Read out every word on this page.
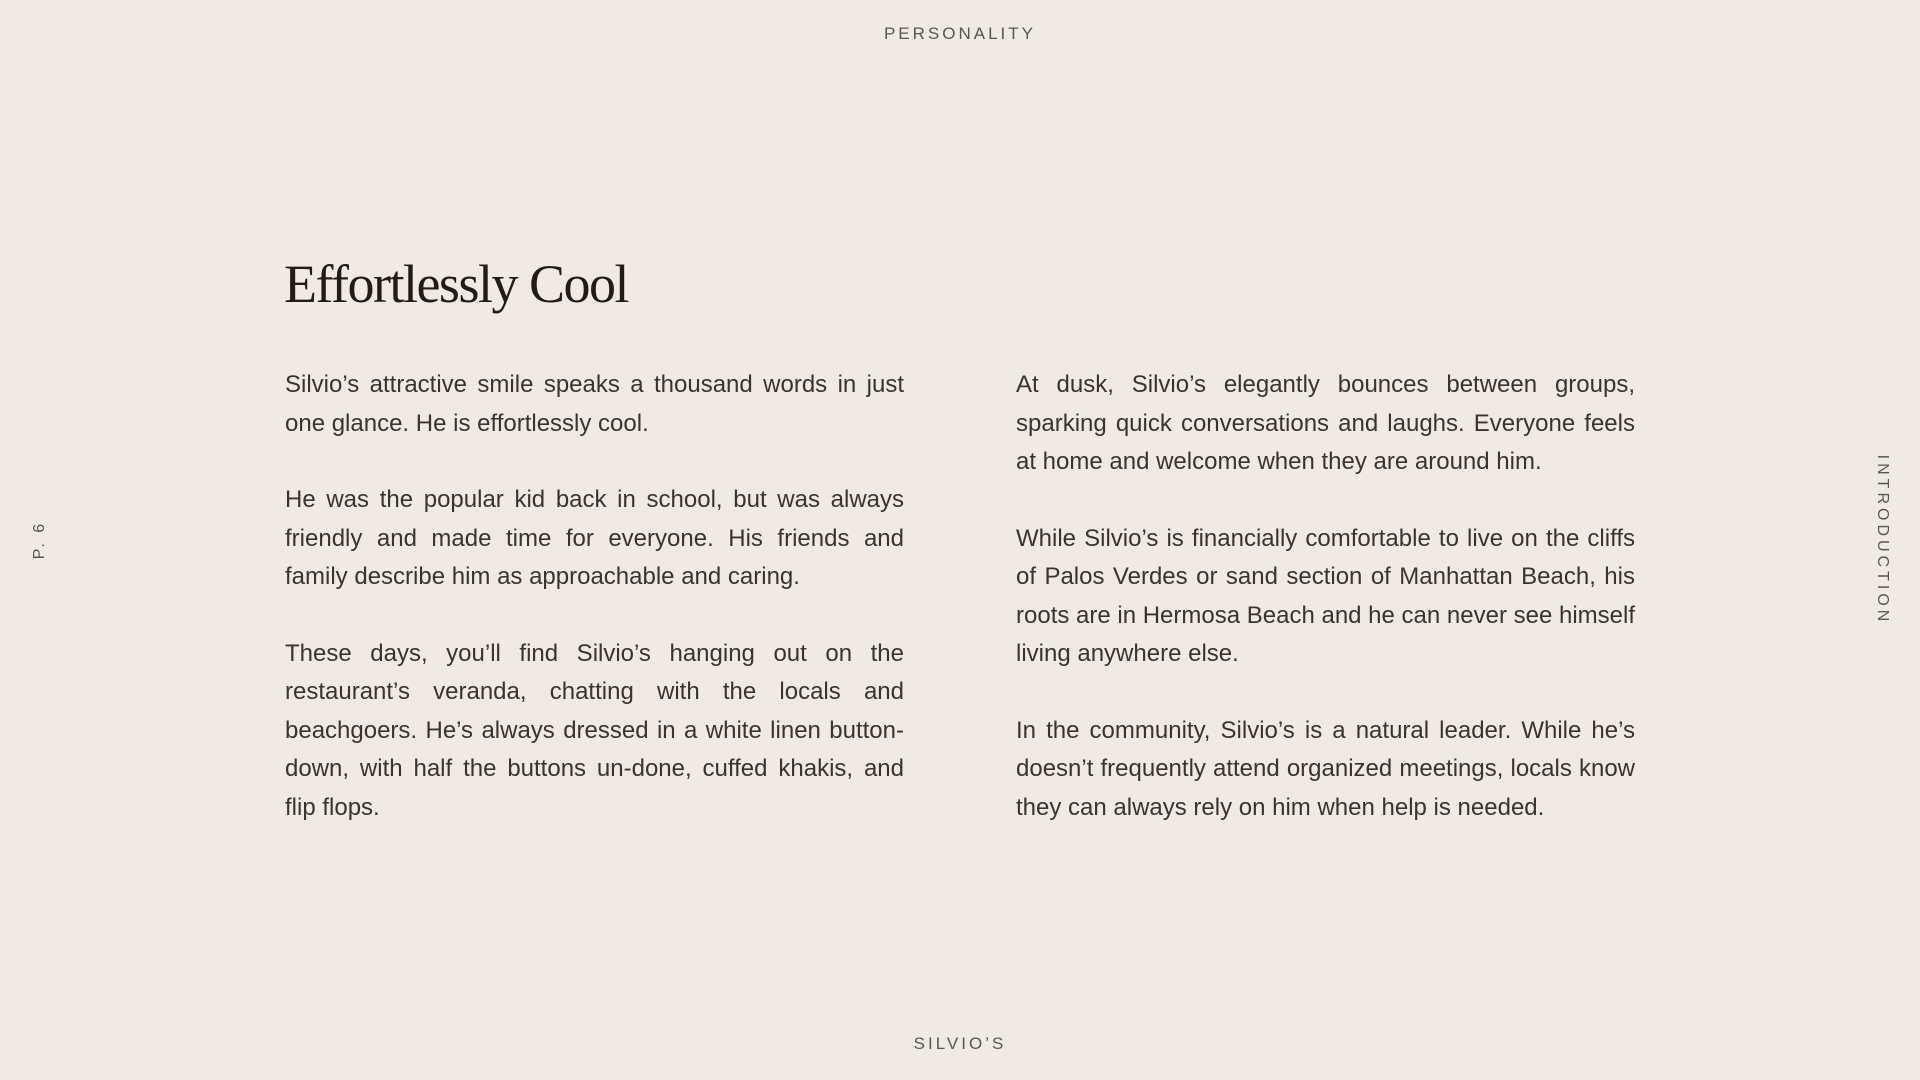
PERSONALITY
P. 6	INTRODUCTION
Effortlessly Cool

Silvio’s attractive smile speaks a thousand words in just one glance. He is effortlessly cool.

He was the popular kid back in school, but was always friendly and made time for everyone. His friends and family describe him as approachable and caring.

These days, you’ll find Silvio’s hanging out on the restaurant’s veranda, chatting with the locals and beachgoers. He’s always dressed in a white linen button-down, with half the buttons un-done, cuffed khakis, and flip flops.

At dusk, Silvio’s elegantly bounces between groups, sparking quick conversations and laughs. Everyone feels at home and welcome when they are around him.

While Silvio’s is financially comfortable to live on the cliffs of Palos Verdes or sand section of Manhattan Beach, his roots are in Hermosa Beach and he can never see himself living anywhere else.

In the community, Silvio’s is a natural leader. While he’s doesn’t frequently attend organized meetings, locals know they can always rely on him when help is needed.

SILVIO’S
